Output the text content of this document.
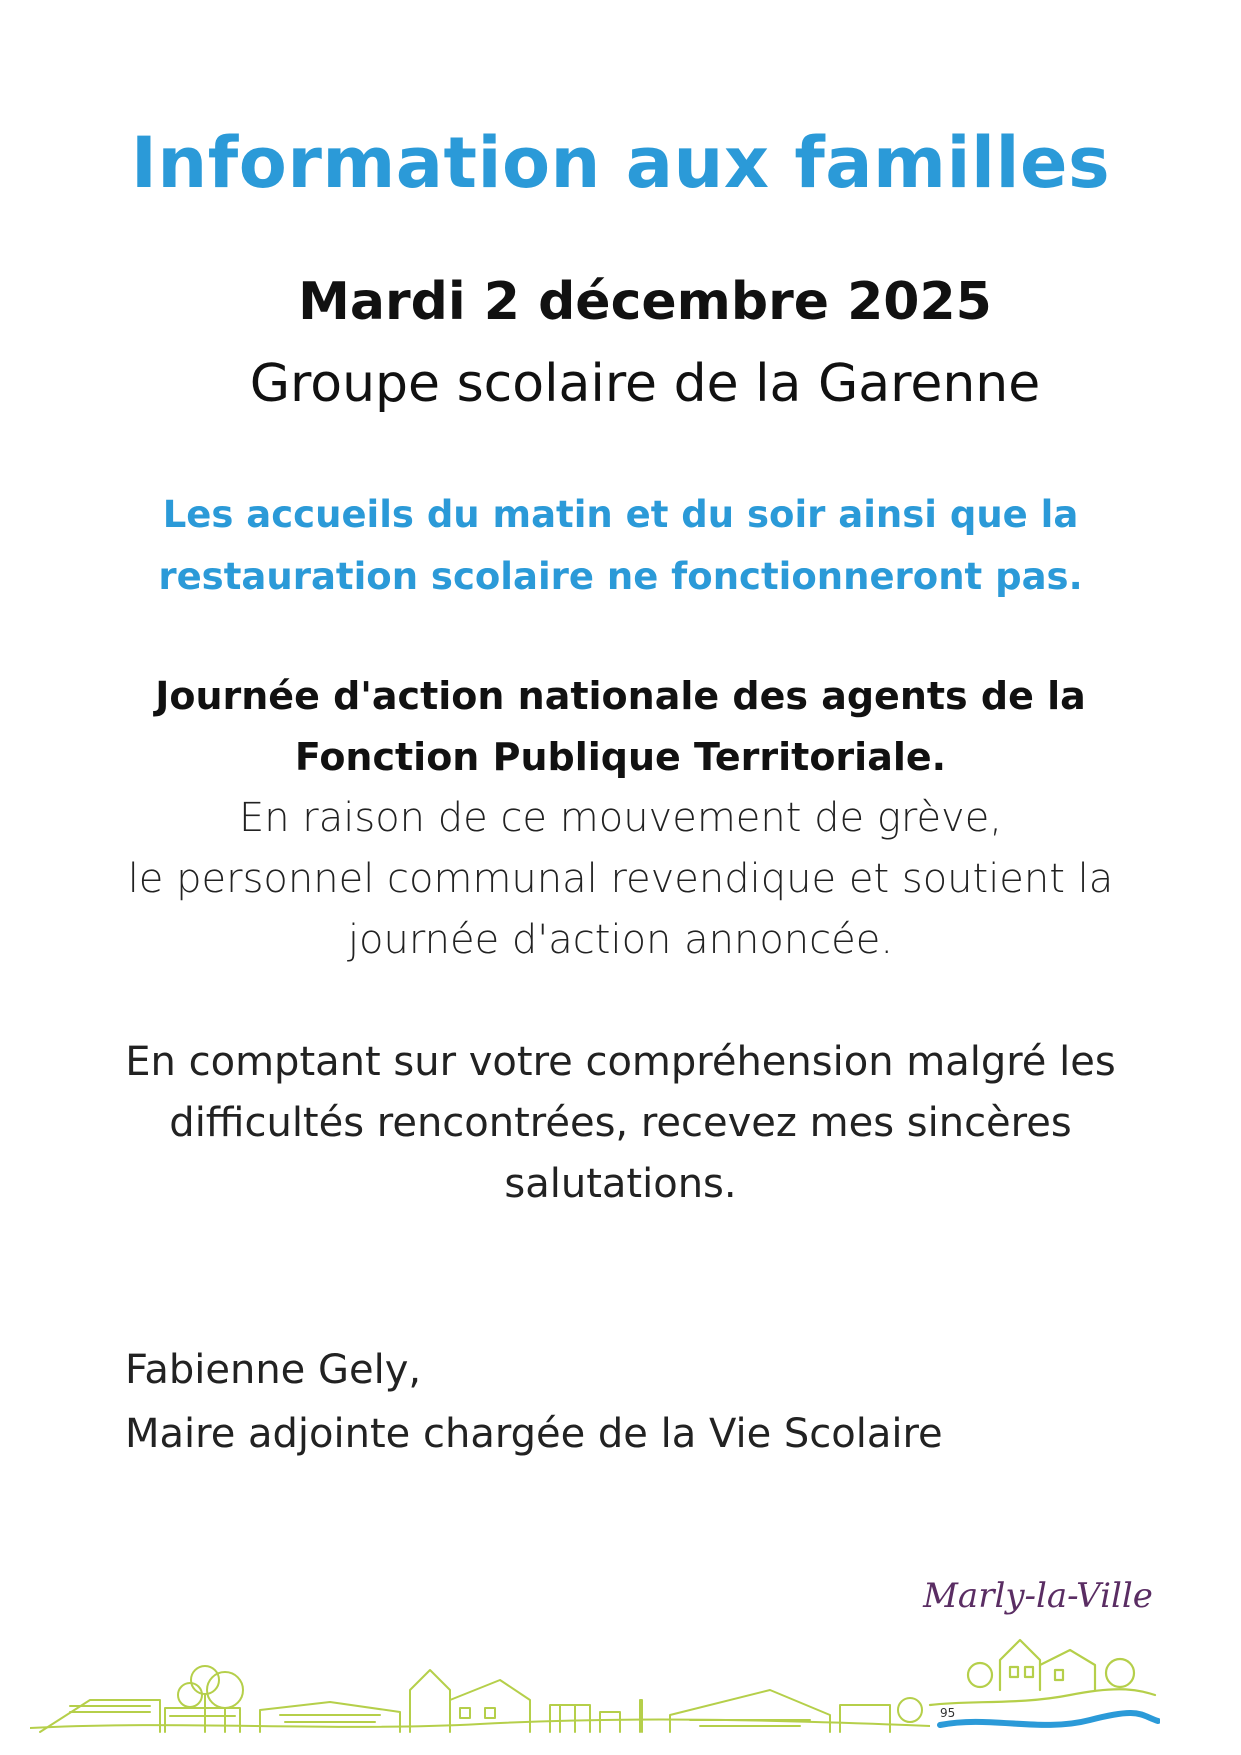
Information aux familles
Mardi 2 décembre 2025
Groupe scolaire de la Garenne
Les accueils du matin et du soir ainsi que la
restauration scolaire ne fonctionneront pas.
Journée d'action nationale des agents de la
Fonction Publique Territoriale.
En raison de ce mouvement de grève,
le personnel communal revendique et soutient la
journée d'action annoncée.
En comptant sur votre compréhension malgré les
difficultés rencontrées, recevez mes sincères
salutations.
Fabienne Gely,
Maire adjointe chargée de la Vie Scolaire
Marly-la-Ville
95
